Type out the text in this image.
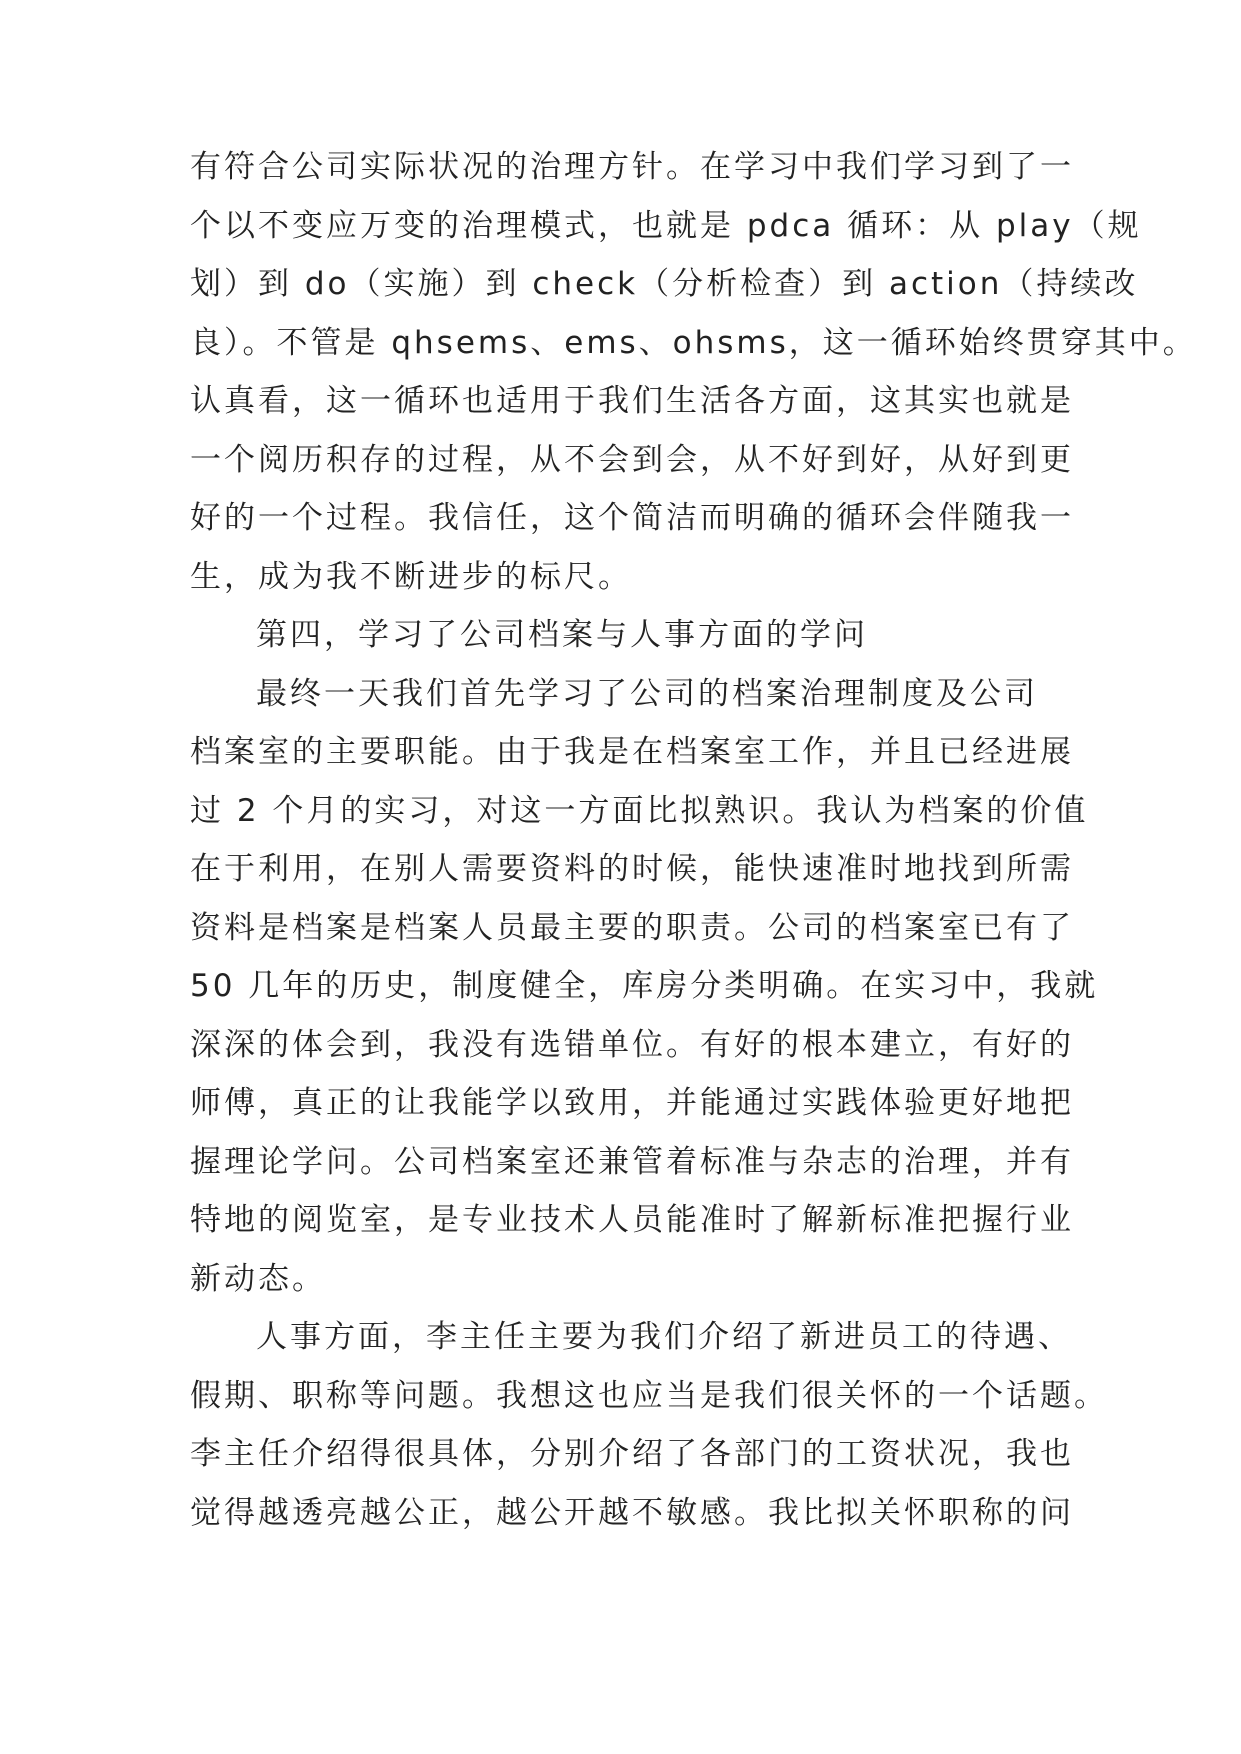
有符合公司实际状况的治理方针。在学习中我们学习到了一
个以不变应万变的治理模式，也就是 pdca 循环：从 play（规
划）到 do（实施）到 check（分析检查）到 action（持续改
良）。不管是 qhsems、ems、ohsms，这一循环始终贯穿其中。
认真看，这一循环也适用于我们生活各方面，这其实也就是
一个阅历积存的过程，从不会到会，从不好到好，从好到更
好的一个过程。我信任，这个简洁而明确的循环会伴随我一
生，成为我不断进步的标尺。
第四，学习了公司档案与人事方面的学问
最终一天我们首先学习了公司的档案治理制度及公司
档案室的主要职能。由于我是在档案室工作，并且已经进展
过 2 个月的实习，对这一方面比拟熟识。我认为档案的价值
在于利用，在别人需要资料的时候，能快速准时地找到所需
资料是档案是档案人员最主要的职责。公司的档案室已有了
50 几年的历史，制度健全，库房分类明确。在实习中，我就
深深的体会到，我没有选错单位。有好的根本建立，有好的
师傅，真正的让我能学以致用，并能通过实践体验更好地把
握理论学问。公司档案室还兼管着标准与杂志的治理，并有
特地的阅览室，是专业技术人员能准时了解新标准把握行业
新动态。
人事方面，李主任主要为我们介绍了新进员工的待遇、
假期、职称等问题。我想这也应当是我们很关怀的一个话题。
李主任介绍得很具体，分别介绍了各部门的工资状况，我也
觉得越透亮越公正，越公开越不敏感。我比拟关怀职称的问
